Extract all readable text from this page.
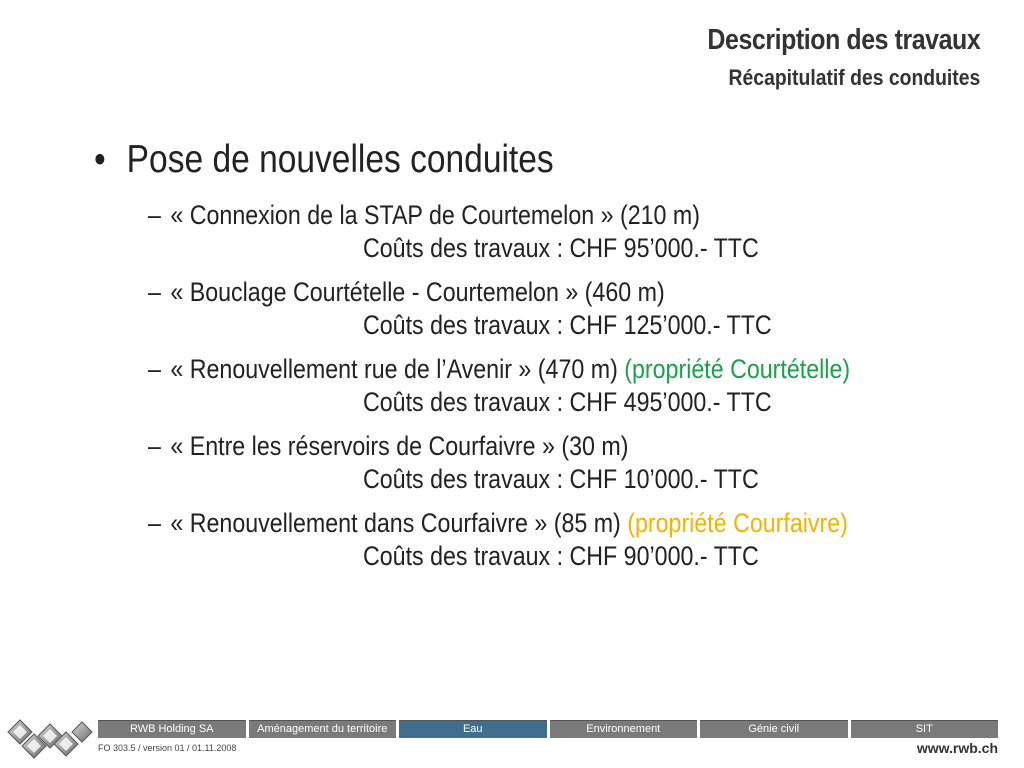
Description des travaux
Récapitulatif des conduites
• Pose de nouvelles conduites
– « Connexion de la STAP de Courtemelon » (210 m)
Coûts des travaux : CHF 95’000.- TTC
– « Bouclage Courtételle - Courtemelon » (460 m)
Coûts des travaux : CHF 125’000.- TTC
– « Renouvellement rue de l’Avenir » (470 m) (propriété Courtételle)
Coûts des travaux : CHF 495’000.- TTC
– « Entre les réservoirs de Courfaivre » (30 m)
Coûts des travaux : CHF 10’000.- TTC
– « Renouvellement dans Courfaivre » (85 m) (propriété Courfaivre)
Coûts des travaux : CHF 90’000.- TTC
RWB Holding SA	Aménagement du territoire	Eau	Environnement	Génie civil	SIT
FO 303.5 / version 01 / 01.11.2008	www.rwb.ch
